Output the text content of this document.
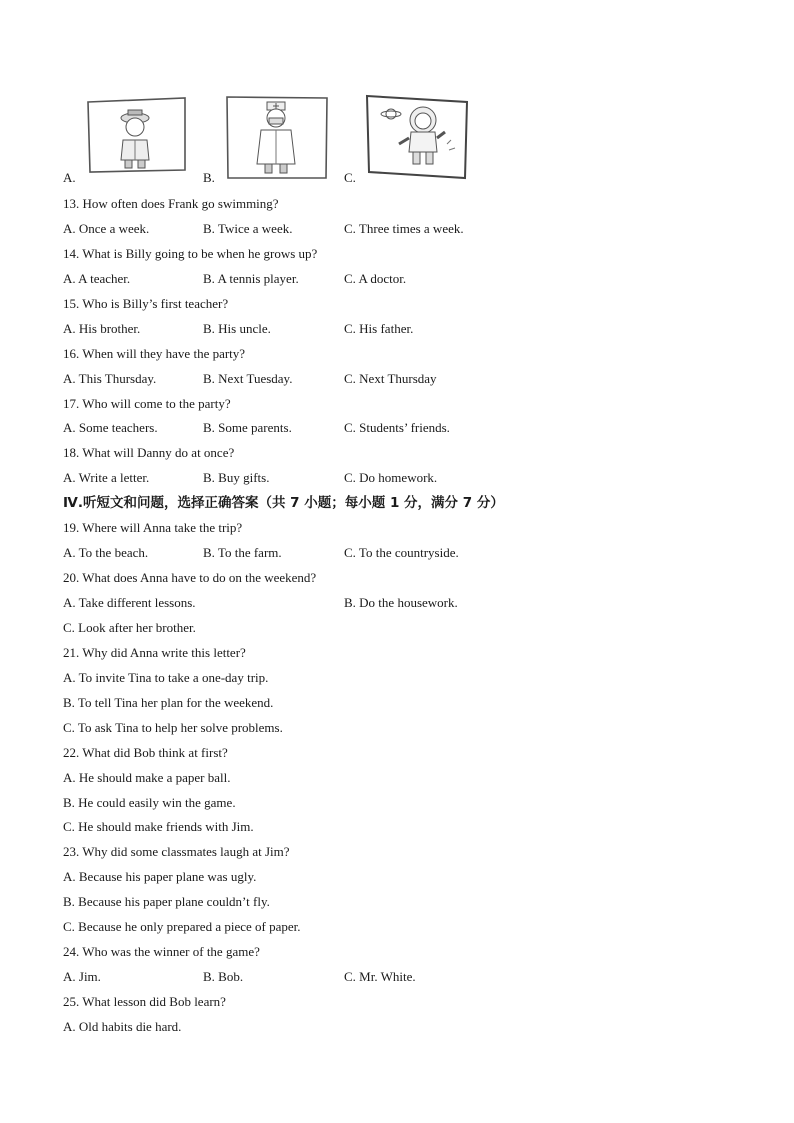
A.	B.	C.
13. How often does Frank go swimming?
A. Once a week.	B. Twice a week.	C. Three times a week.
14. What is Billy going to be when he grows up?
A. A teacher.	B. A tennis player.	C. A doctor.
15. Who is Billy’s first teacher?
A. His brother.	B. His uncle.	C. His father.
16. When will they have the party?
A. This Thursday.	B. Next Tuesday.	C. Next Thursday
17. Who will come to the party?
A. Some teachers.	B. Some parents.	C. Students’ friends.
18. What will Danny do at once?
A. Write a letter.	B. Buy gifts.	C. Do homework.
Ⅳ.听短文和问题，选择正确答案（共 7 小题；每小题 1 分，满分 7 分）
19. Where will Anna take the trip?
A. To the beach.	B. To the farm.	C. To the countryside.
20. What does Anna have to do on the weekend?
A. Take different lessons.	B. Do the housework.
C. Look after her brother.
21. Why did Anna write this letter?
A. To invite Tina to take a one-day trip.
B. To tell Tina her plan for the weekend.
C. To ask Tina to help her solve problems.
22. What did Bob think at first?
A. He should make a paper ball.
B. He could easily win the game.
C. He should make friends with Jim.
23. Why did some classmates laugh at Jim?
A. Because his paper plane was ugly.
B. Because his paper plane couldn’t fly.
C. Because he only prepared a piece of paper.
24. Who was the winner of the game?
A. Jim.	B. Bob.	C. Mr. White.
25. What lesson did Bob learn?
A. Old habits die hard.
